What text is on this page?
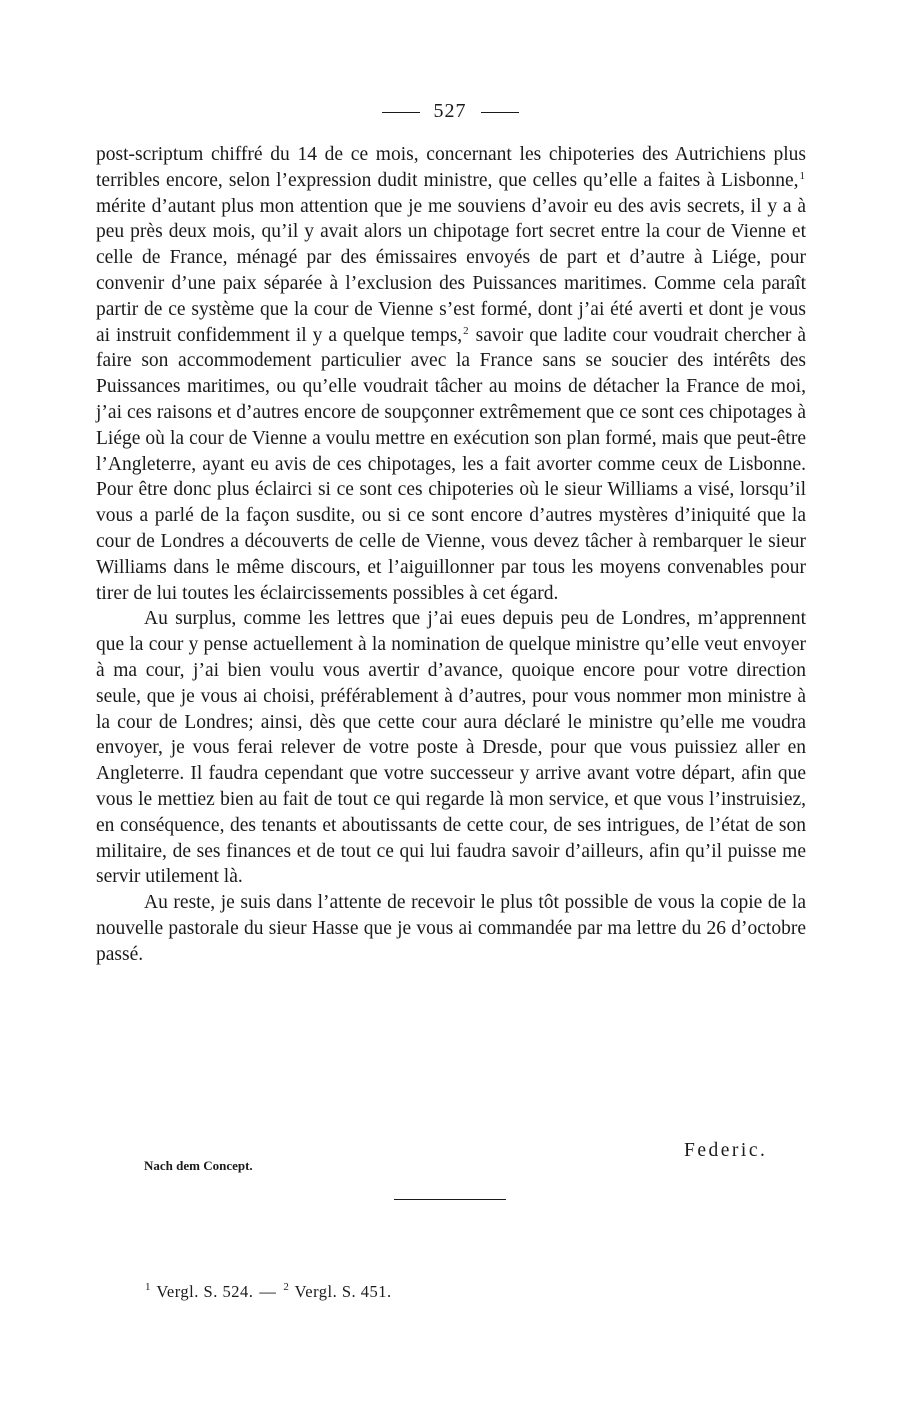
527

post-scriptum chiffré du 14 de ce mois, concernant les chipoteries des Autrichiens plus terribles encore, selon l’expression dudit ministre, que celles qu’elle a faites à Lisbonne,$^1$ mérite d’autant plus mon attention que je me souviens d’avoir eu des avis secrets, il y a à peu près deux mois, qu’il y avait alors un chipotage fort secret entre la cour de Vienne et celle de France, ménagé par des émissaires envoyés de part et d’autre à Liége, pour convenir d’une paix séparée à l’exclusion des Puissances maritimes. Comme cela paraît partir de ce système que la cour de Vienne s’est formé, dont j’ai été averti et dont je vous ai instruit confidemment il y a quelque temps,$^2$ savoir que ladite cour voudrait chercher à faire son accommodement particulier avec la France sans se soucier des intérêts des Puissances maritimes, ou qu’elle voudrait tâcher au moins de détacher la France de moi, j’ai ces raisons et d’autres encore de soupçonner extrêmement que ce sont ces chipotages à Liége où la cour de Vienne a voulu mettre en exécution son plan formé, mais que peut-être l’Angleterre, ayant eu avis de ces chipotages, les a fait avorter comme ceux de Lisbonne. Pour être donc plus éclairci si ce sont ces chipoteries où le sieur Williams a visé, lorsqu’il vous a parlé de la façon susdite, ou si ce sont encore d’autres mystères d’iniquité que la cour de Londres a découverts de celle de Vienne, vous devez tâcher à rembarquer le sieur Williams dans le même discours, et l’aiguillonner par tous les moyens convenables pour tirer de lui toutes les éclaircissements possibles à cet égard.

Au surplus, comme les lettres que j’ai eues depuis peu de Londres, m’apprennent que la cour y pense actuellement à la nomination de quelque ministre qu’elle veut envoyer à ma cour, j’ai bien voulu vous avertir d’avance, quoique encore pour votre direction seule, que je vous ai choisi, préférablement à d’autres, pour vous nommer mon ministre à la cour de Londres; ainsi, dès que cette cour aura déclaré le ministre qu’elle me voudra envoyer, je vous ferai relever de votre poste à Dresde, pour que vous puissiez aller en Angleterre. Il faudra cependant que votre successeur y arrive avant votre départ, afin que vous le mettiez bien au fait de tout ce qui regarde là mon service, et que vous l’instruisiez, en conséquence, des tenants et aboutissants de cette cour, de ses intrigues, de l’état de son militaire, de ses finances et de tout ce qui lui faudra savoir d’ailleurs, afin qu’il puisse me servir utilement là.

Au reste, je suis dans l’attente de recevoir le plus tôt possible de vous la copie de la nouvelle pastorale du sieur Hasse que je vous ai commandée par ma lettre du 26 d’octobre passé.

Federic.
Nach dem Concept.
$^1$ Vergl. S. 524. — $^2$ Vergl. S. 451.
